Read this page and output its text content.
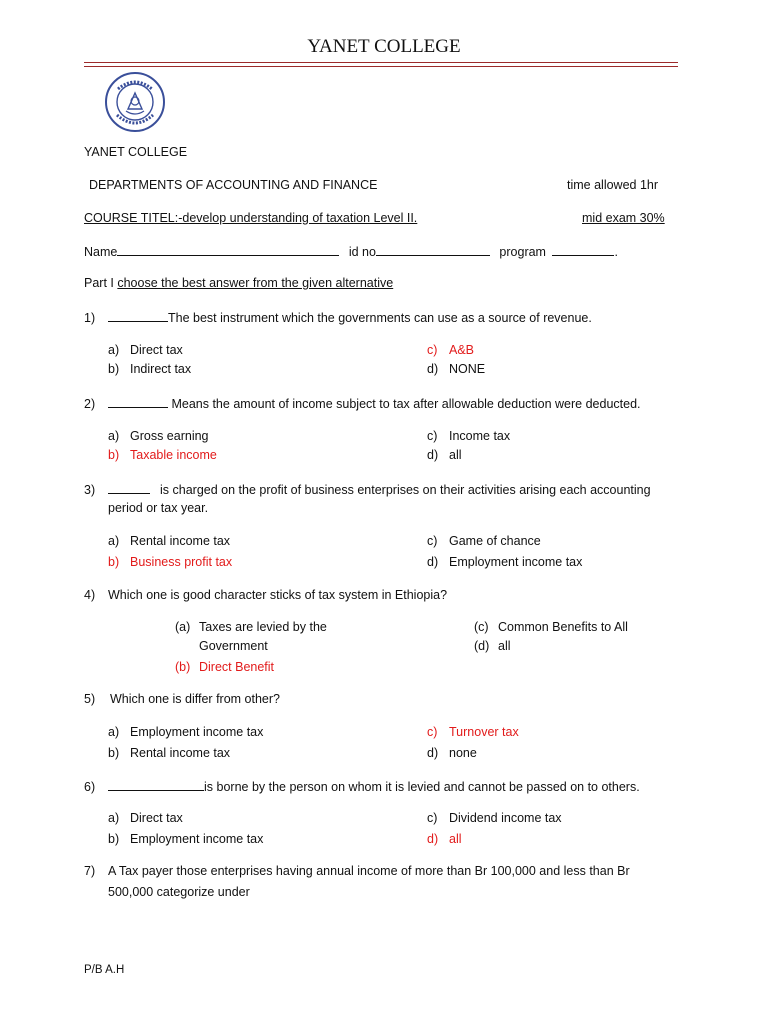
YANET COLLEGE
YANET COLLEGE
DEPARTMENTS OF ACCOUNTING AND FINANCE	time allowed 1hr
COURSE TITEL:-develop understanding of taxation Level II.	mid exam 30%
Name	id no	program	.
Part I choose the best answer from the given alternative
1)	The best instrument which the governments can use as a source of revenue.
a) Direct tax
b) Indirect tax
c) A&B
d) NONE
2)	Means the amount of income subject to tax after allowable deduction were deducted.
a) Gross earning
b) Taxable income
c) Income tax
d) all
3)	is charged on the profit of business enterprises on their activities arising each accounting
period or tax year.
a) Rental income tax
b) Business profit tax
c) Game of chance
d) Employment income tax
4) Which one is good character sticks of tax system in Ethiopia?
(a) Taxes are levied by the
Government
(b) Direct Benefit
(c) Common Benefits to All
(d) all
5) Which one is differ from other?
a) Employment income tax
b) Rental income tax
c) Turnover tax
d) none
6)	is borne by the person on whom it is levied and cannot be passed on to others.
a) Direct tax
b) Employment income tax
c) Dividend income tax
d) all
7) A Tax payer those enterprises having annual income of more than Br 100,000 and less than Br
500,000 categorize under
P/B A.H
